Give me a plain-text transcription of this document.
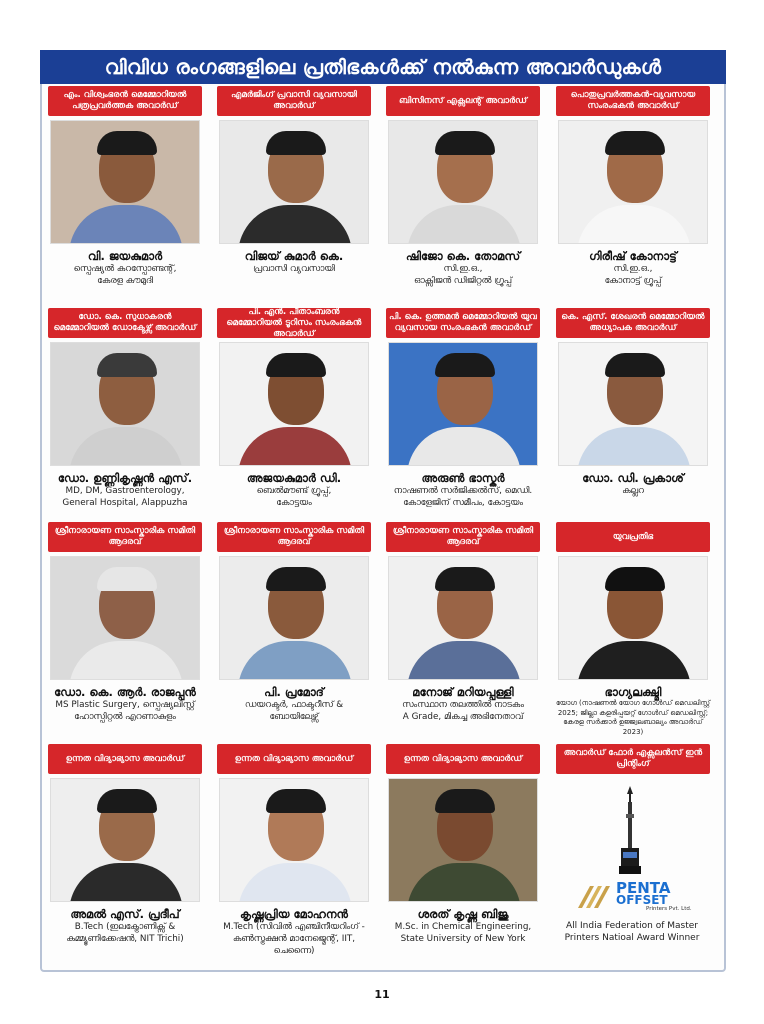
വിവിധ രംഗങ്ങളിലെ പ്രതിഭകൾക്ക് നൽകുന്ന അവാർഡുകൾ
എം. വിശ്വംഭരൻ മെമ്മോറിയൽ പത്രപ്രവർത്തക അവാർഡ്
വി. ജയകുമാർ
സ്പെഷ്യൽ കറസ്പോണ്ടന്റ്,
കേരള കൗമുദി
എമർജിംഗ് പ്രവാസി വ്യവസായി അവാർഡ്
വിജയ് കുമാർ കെ.
പ്രവാസി വ്യവസായി
ബിസിനസ് എക്സലന്റ് അവാർഡ്
ഷിജോ കെ. തോമസ്
സി.ഇ.ഒ.,
ഓക്സിജൻ ഡിജിറ്റൽ ഗ്രൂപ്പ്
പൊതുപ്രവർത്തകൻ-വ്യവസായ സംരംഭകൻ അവാർഡ്
ഗിരീഷ് കോനാട്ട്
സി.ഇ.ഒ.,
കോനാട്ട് ഗ്രൂപ്പ്
ഡോ. കെ. സുധാകരൻ മെമ്മോറിയൽ ഡോക്ടേഴ്സ് അവാർഡ്
ഡോ. ഉണ്ണികൃഷ്ണൻ എസ്.
MD, DM, Gastroenterology,
General Hospital, Alappuzha
പി. എൻ. പീതാംബരൻ മെമ്മോറിയൽ ടൂറിസം സംരംഭകൻ അവാർഡ്
അജയകുമാർ ഡി.
ബെൽമൗണ്ട് ഗ്രൂപ്പ്,
കോട്ടയം
പി. കെ. ഉത്തമൻ മെമ്മോറിയൽ യുവ വ്യവസായ സംരംഭകൻ അവാർഡ്
അരുൺ ഭാസ്കർ
നാഷണൽ സർജിക്കൽസ്, മെഡി.
കോളേജിന് സമീപം, കോട്ടയം
കെ. എസ്. ശേഖരൻ മെമ്മോറിയൽ അധ്യാപക അവാർഡ്
ഡോ. ഡി. പ്രകാശ്
കല്ലറ
ശ്രീനാരായണ സാംസ്കാരിക സമിതി ആദരവ്
ഡോ. കെ. ആർ. രാജപ്പൻ
MS Plastic Surgery, സ്പെഷ്യലിസ്റ്റ്
ഹോസ്പിറ്റൽ എറണാകുളം
ശ്രീനാരായണ സാംസ്കാരിക സമിതി ആദരവ്
പി. പ്രമോദ്
ഡയറക്ടർ, ഫാക്ടറീസ് &
ബോയിലേഴ്സ്
ശ്രീനാരായണ സാംസ്കാരിക സമിതി ആദരവ്
മനോജ് മറിയപ്പള്ളി
സംസ്ഥാന തലത്തിൽ നാടകം
A Grade, മികച്ച അഭിനേതാവ്
യുവപ്രതിഭ
ഭാഗ്യലക്ഷ്മി
യോഗ (നാഷണൽ യോഗ ഗോൾഡ് മെഡലിസ്റ്റ്
2025; ജില്ലാ കളരിപ്പയറ്റ് ഗോൾഡ് മെഡലിസ്റ്റ്;
കേരള സർക്കാർ ഉജ്ജ്വലബാല്യം അവാർഡ് 2023)
ഉന്നത വിദ്യാഭ്യാസ അവാർഡ്
അമൽ എസ്. പ്രദീപ്
B.Tech (ഇലക്ട്രോണിക്സ് &
കമ്മ്യൂണിക്കേഷൻ, NIT Trichi)
ഉന്നത വിദ്യാഭ്യാസ അവാർഡ്
കൃഷ്ണപ്രിയ മോഹനൻ
M.Tech (സിവിൽ എഞ്ചിനീയറിംഗ് -
കൺസ്ട്രക്ഷൻ മാനേജ്മെന്റ്, IIT, ചെന്നൈ)
ഉന്നത വിദ്യാഭ്യാസ അവാർഡ്
ശരത് കൃഷ്ണ ബിജു
M.Sc. in Chemical Engineering,
State University of New York
അവാർഡ് ഫോർ എക്സലൻസ് ഇൻ പ്രിന്റിംഗ്
PENTA
OFFSET
Printers Pvt. Ltd.
All India Federation of Master
Printers Natioal Award Winner
11
